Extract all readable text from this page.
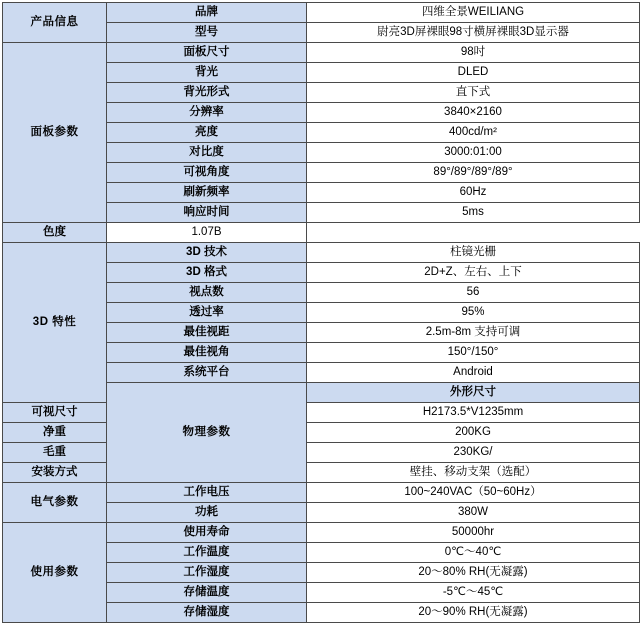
产品信息	品牌	四维全景WEILIANG	
	型号	尉亮3D屏裸眼98寸横屏裸眼3D显示器	
面板参数	面板尺寸	98吋	
	背光	DLED	
	背光形式	直下式	
	分辨率	3840×2160	
	亮度	400cd/m²	
	对比度	3000:01:00	
	可视角度	89°/89°/89°/89°	
	刷新频率	60Hz	
	响应时间	5ms	
色度	1.07B		
3D 特性	3D 技术	柱镜光栅	
	3D 格式	2D+Z、左右、上下	
	视点数	56	
	透过率	95%	
	最佳视距	2.5m-8m 支持可调	
	最佳视角	150°/150°	
	系统平台	Android	
	物理参数	外形尺寸	
可视尺寸		H2173.5*V1235mm	
净重		200KG	
毛重		230KG/	
安装方式		壁挂、移动支架（选配）	
电气参数	工作电压	100~240VAC（50~60Hz）	
	功耗	380W	
使用参数	使用寿命	50000hr	
	工作温度	0℃～40℃	
	工作湿度	20～80% RH(无凝露)	
	存储温度	-5℃～45℃	
	存储湿度	20～90% RH(无凝露)	
